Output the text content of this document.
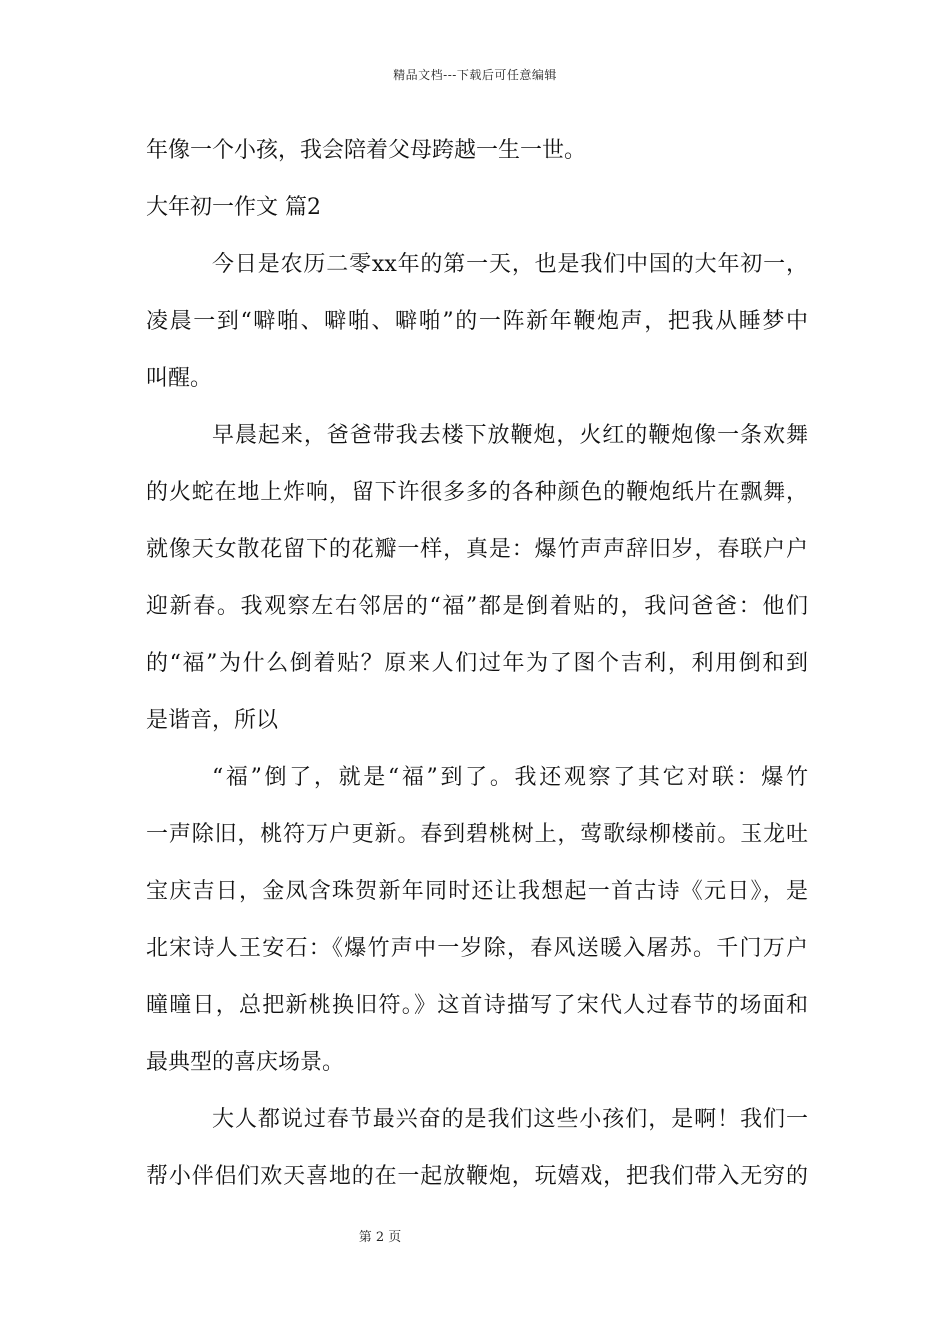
精品文档---下载后可任意编辑
年像一个小孩，我会陪着父母跨越一生一世。
大年初一作文 篇2
今日是农历二零xx年的第一天，也是我们中国的大年初一，
凌晨一到“噼啪、噼啪、噼啪”的一阵新年鞭炮声，把我从睡梦中
叫醒。
早晨起来，爸爸带我去楼下放鞭炮，火红的鞭炮像一条欢舞
的火蛇在地上炸响，留下许很多多的各种颜色的鞭炮纸片在飘舞，
就像天女散花留下的花瓣一样，真是：爆竹声声辞旧岁，春联户户
迎新春。我观察左右邻居的“福”都是倒着贴的，我问爸爸：他们
的“福”为什么倒着贴？原来人们过年为了图个吉利，利用倒和到
是谐音，所以
“福”倒了，就是“福”到了。我还观察了其它对联：爆竹
一声除旧，桃符万户更新。春到碧桃树上，莺歌绿柳楼前。玉龙吐
宝庆吉日，金凤含珠贺新年同时还让我想起一首古诗《元日》，是
北宋诗人王安石：《爆竹声中一岁除，春风送暖入屠苏。千门万户
曈曈日，总把新桃换旧符。》这首诗描写了宋代人过春节的场面和
最典型的喜庆场景。
大人都说过春节最兴奋的是我们这些小孩们，是啊！我们一
帮小伴侣们欢天喜地的在一起放鞭炮，玩嬉戏，把我们带入无穷的
第 2 页
